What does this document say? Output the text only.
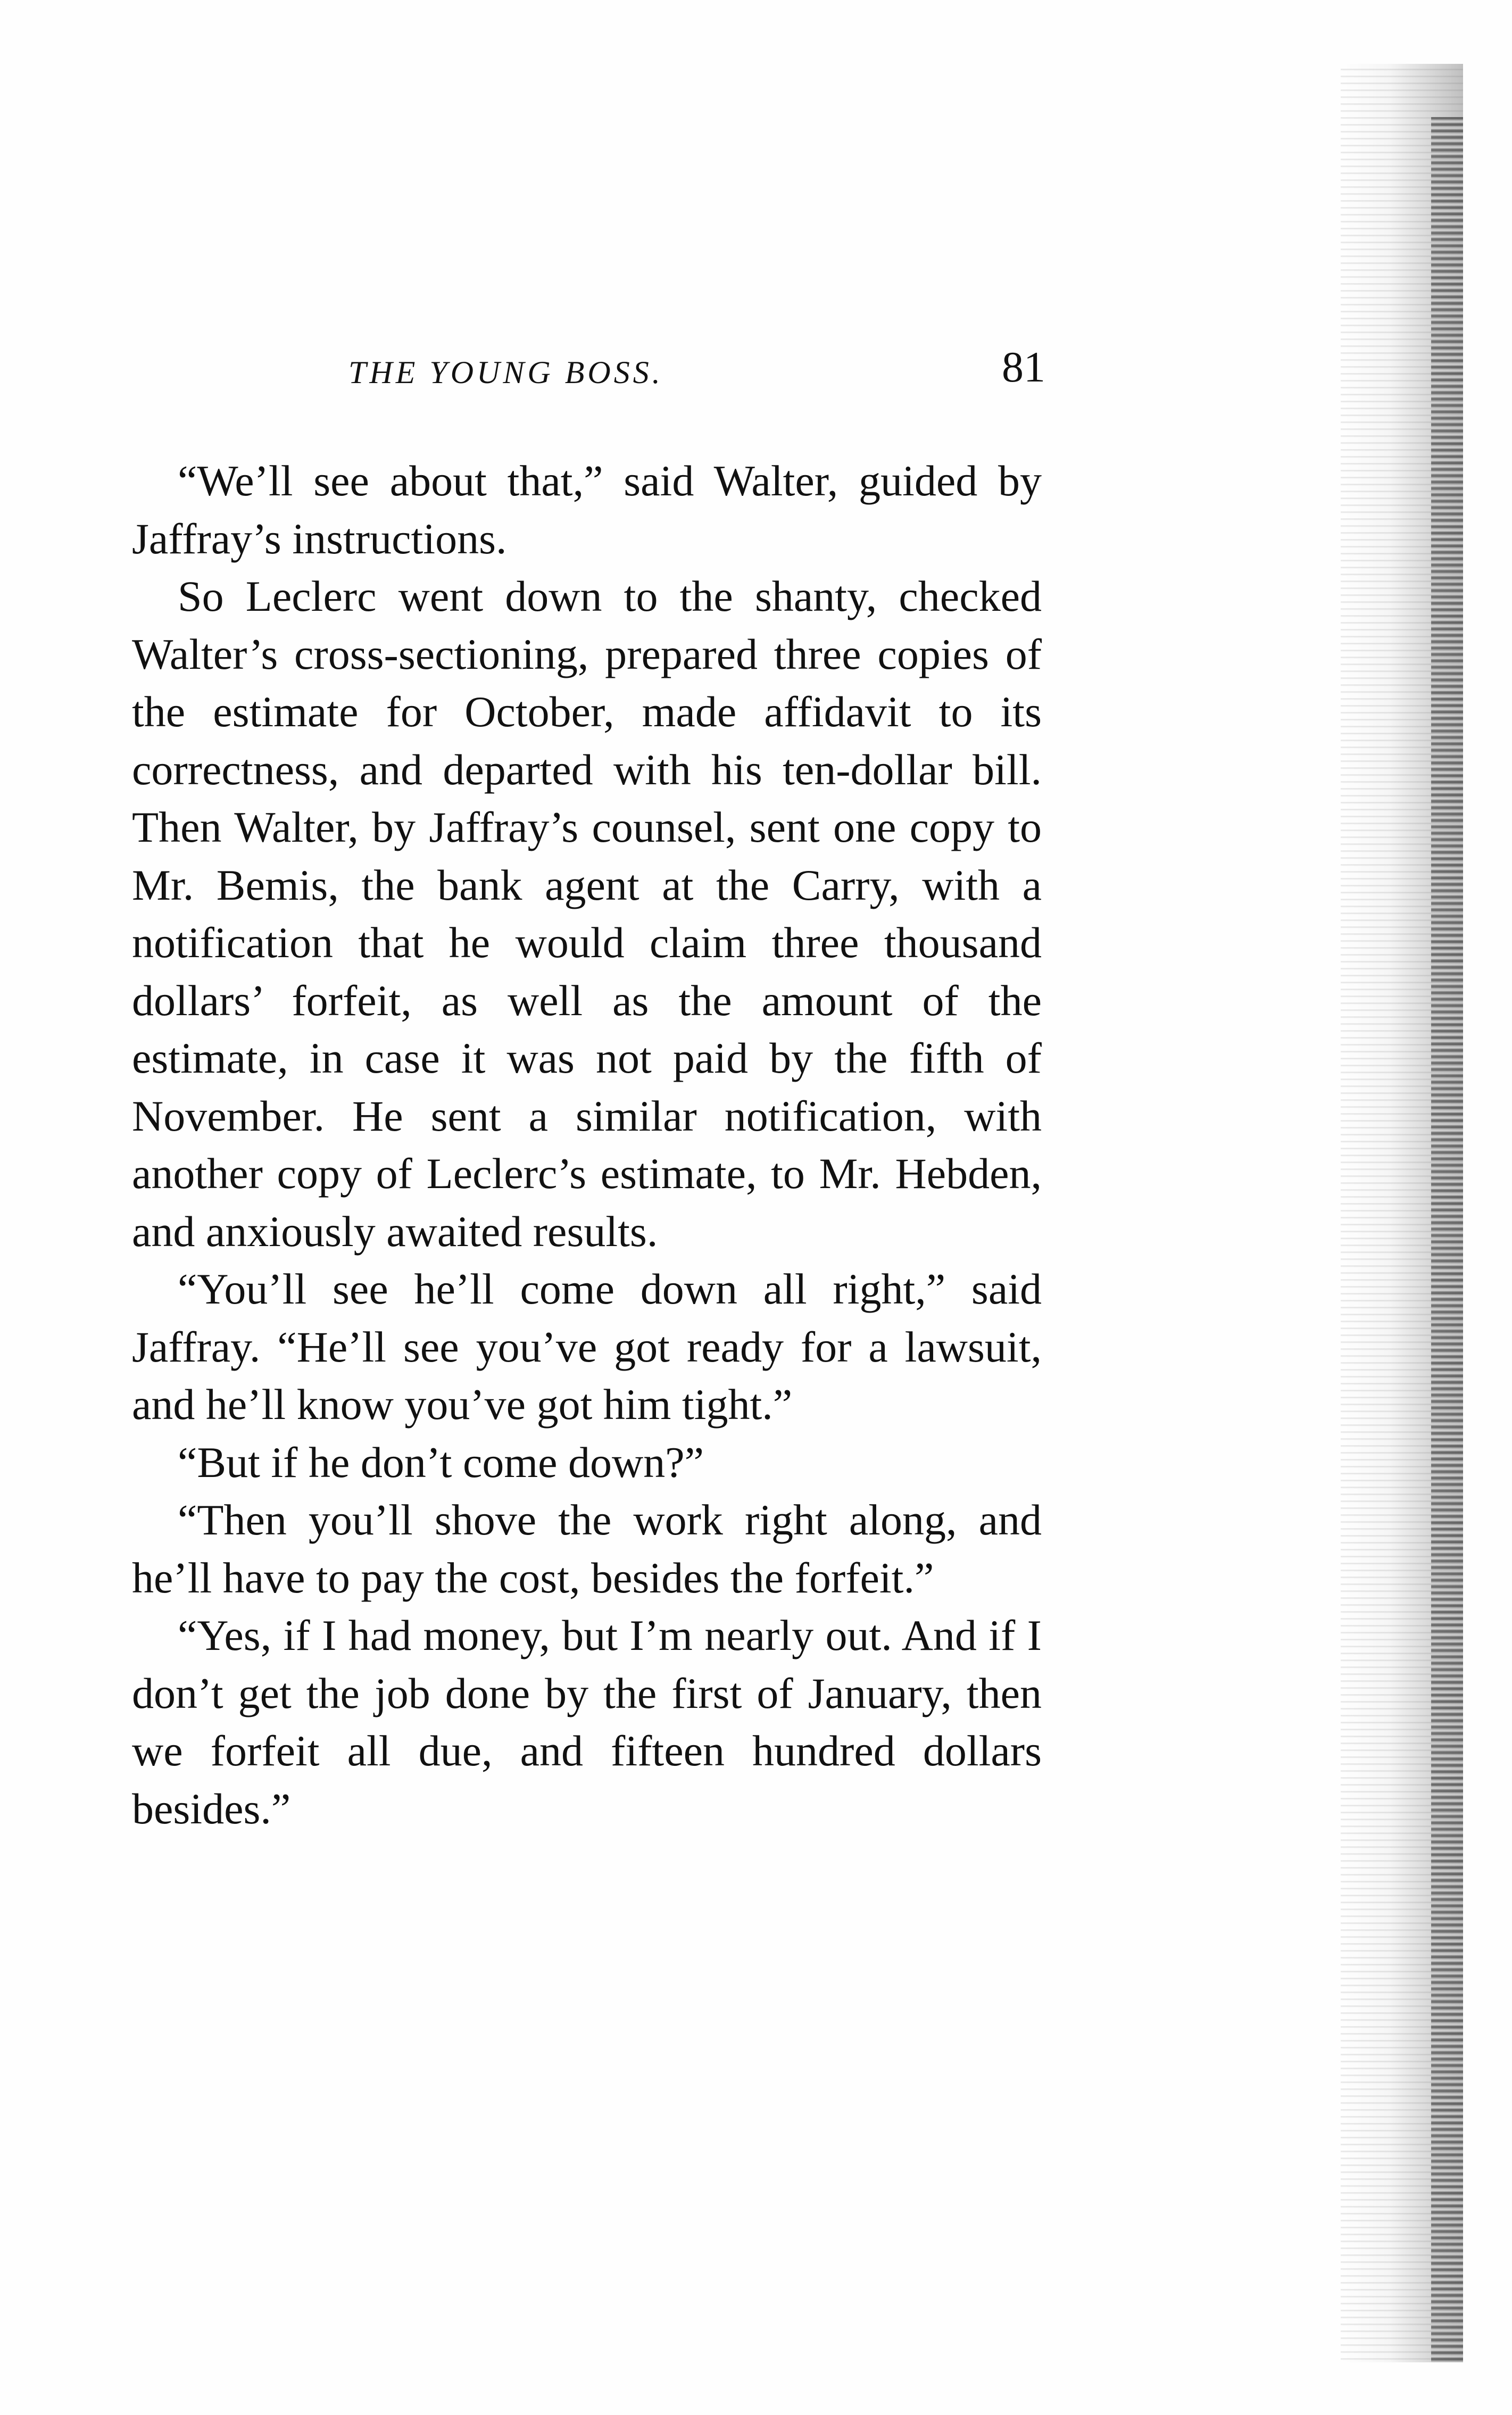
THE YOUNG BOSS.	81

“We’ll see about that,” said Walter, guided by Jaffray’s instructions.

So Leclerc went down to the shanty, checked Walter’s cross-sectioning, prepared three copies of the estimate for October, made affidavit to its correctness, and departed with his ten-dollar bill. Then Walter, by Jaffray’s counsel, sent one copy to Mr. Bemis, the bank agent at the Carry, with a notification that he would claim three thousand dollars’ forfeit, as well as the amount of the estimate, in case it was not paid by the fifth of November. He sent a similar notification, with another copy of Leclerc’s estimate, to Mr. Hebden, and anxiously awaited results.

“You’ll see he’ll come down all right,” said Jaffray. “He’ll see you’ve got ready for a lawsuit, and he’ll know you’ve got him tight.”

“But if he don’t come down?”

“Then you’ll shove the work right along, and he’ll have to pay the cost, besides the forfeit.”

“Yes, if I had money, but I’m nearly out. And if I don’t get the job done by the first of January, then we forfeit all due, and fifteen hundred dollars besides.”
